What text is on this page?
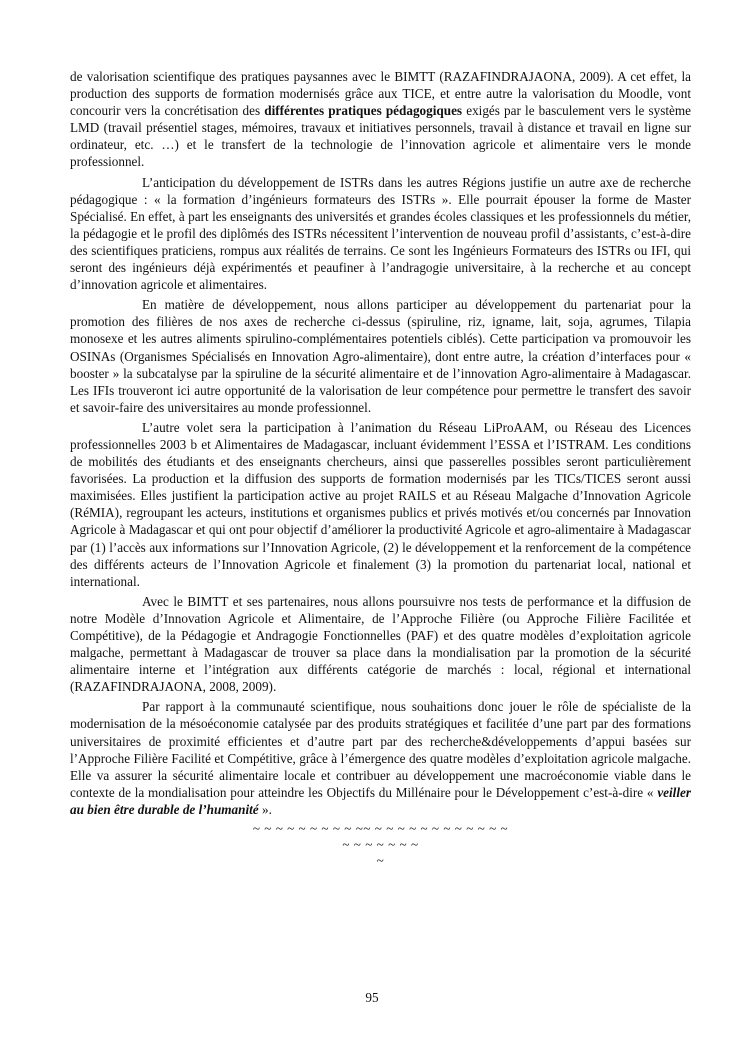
de valorisation scientifique des pratiques paysannes avec le BIMTT (RAZAFINDRAJAONA, 2009). A cet effet, la production des supports de formation modernisés grâce aux TICE, et entre autre la valorisation du Moodle, vont concourir vers la concrétisation des différentes pratiques pédagogiques exigés par le basculement vers le système LMD (travail présentiel stages, mémoires, travaux et initiatives personnels, travail à distance et travail en ligne sur ordinateur, etc. …) et le transfert de la technologie de l’innovation agricole et alimentaire vers le monde professionnel.

L’anticipation du développement de ISTRs dans les autres Régions justifie un autre axe de recherche pédagogique : « la formation d’ingénieurs formateurs des ISTRs ». Elle pourrait épouser la forme de Master Spécialisé. En effet, à part les enseignants des universités et grandes écoles classiques et les professionnels du métier, la pédagogie et le profil des diplômés des ISTRs nécessitent l’intervention de nouveau profil d’assistants, c’est-à-dire des scientifiques praticiens, rompus aux réalités de terrains. Ce sont les Ingénieurs Formateurs des ISTRs ou IFI, qui seront des ingénieurs déjà expérimentés et peaufiner à l’andragogie universitaire, à la recherche et au concept d’innovation agricole et alimentaires.

En matière de développement, nous allons participer au développement du partenariat pour la promotion des filières de nos axes de recherche ci-dessus (spiruline, riz, igname, lait, soja, agrumes, Tilapia monosexe et les autres aliments spirulino-complémentaires potentiels ciblés). Cette participation va promouvoir les OSINAs (Organismes Spécialisés en Innovation Agro-alimentaire), dont entre autre, la création d’interfaces pour « booster » la subcatalyse par la spiruline de la sécurité alimentaire et de l’innovation Agro-alimentaire à Madagascar. Les IFIs trouveront ici autre opportunité de la valorisation de leur compétence pour permettre le transfert des savoir et savoir-faire des universitaires au monde professionnel.

L’autre volet sera la participation à l’animation du Réseau LiProAAM, ou Réseau des Licences professionnelles 2003 b et Alimentaires de Madagascar, incluant évidemment l’ESSA et l’ISTRAM. Les conditions de mobilités des étudiants et des enseignants chercheurs, ainsi que passerelles possibles seront particulièrement favorisées. La production et la diffusion des supports de formation modernisés par les TICs/TICES seront aussi maximisées. Elles justifient la participation active au projet RAILS et au Réseau Malgache d’Innovation Agricole (RéMIA), regroupant les acteurs, institutions et organismes publics et privés motivés et/ou concernés par Innovation Agricole à Madagascar et qui ont pour objectif d’améliorer la productivité Agricole et agro-alimentaire à Madagascar par (1) l’accès aux informations sur l’Innovation Agricole, (2) le développement et la renforcement de la compétence des différents acteurs de l’Innovation Agricole et finalement (3) la promotion du partenariat local, national et international.

Avec le BIMTT et ses partenaires, nous allons poursuivre nos tests de performance et la diffusion de notre Modèle d’Innovation Agricole et Alimentaire, de l’Approche Filière (ou Approche Filière Facilitée et Compétitive), de la Pédagogie et Andragogie Fonctionnelles (PAF) et des quatre modèles d’exploitation agricole malgache, permettant à Madagascar de trouver sa place dans la mondialisation par la promotion de la sécurité alimentaire interne et l’intégration aux différents catégorie de marchés : local, régional et international (RAZAFINDRAJAONA, 2008, 2009).

Par rapport à la communauté scientifique, nous souhaitions donc jouer le rôle de spécialiste de la modernisation de la mésoéconomie catalysée par des produits stratégiques et facilitée d’une part par des formations universitaires de proximité efficientes et d’autre part par des recherche&développements d’appui basées sur l’Approche Filière Facilité et Compétitive, grâce à l’émergence des quatre modèles d’exploitation agricole malgache. Elle va assurer la sécurité alimentaire locale et contribuer au développement une macroéconomie viable dans le contexte de la mondialisation pour atteindre les Objectifs du Millénaire pour le Développement c’est-à-dire « veiller au bien être durable de l’humanité ».

~ ~ ~ ~ ~ ~ ~ ~ ~ ~~ ~ ~ ~ ~ ~ ~ ~ ~ ~ ~ ~ ~

~ ~ ~ ~ ~ ~ ~

~

95
